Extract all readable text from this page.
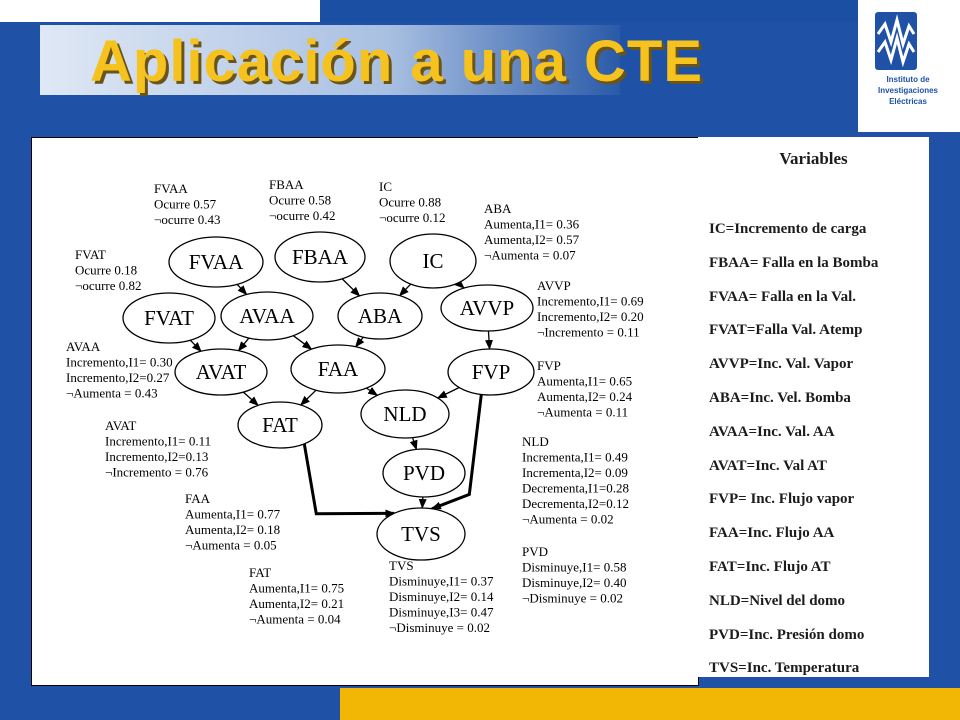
Aplicación a una CTE	Instituto de
Investigaciones
Eléctricas
FVAA FBAA	IC
FVAT AVAA	ABA	AVVP
AVAT	FAA	FVP
FAT	NLD
PVD
TVS
FVAA Ocurre 0.57 ¬ocurre 0.43
FBAA Ocurre 0.58 ¬ocurre 0.42
IC Ocurre 0.88 ¬ocurre 0.12
ABA Aumenta,I1= 0.36 Aumenta,I2= 0.57 ¬Aumenta = 0.07
FVAT Ocurre 0.18 ¬ocurre 0.82	AVVP Incremento,I1= 0.69 Incremento,I2= 0.20 ¬Incremento = 0.11
AVAA Incremento,I1= 0.30 Incremento,I2=0.27 ¬Aumenta = 0.43
FVP Aumenta,I1= 0.65 Aumenta,I2= 0.24 ¬Aumenta = 0.11
AVAT Incremento,I1= 0.11 Incremento,I2=0.13 ¬Incremento = 0.76
NLD Incrementa,I1= 0.49 Incrementa,I2= 0.09 Decrementa,I1=0.28 Decrementa,I2=0.12 ¬Aumenta = 0.02
FAA Aumenta,I1= 0.77 Aumenta,I2= 0.18 ¬Aumenta = 0.05
FAT Aumenta,I1= 0.75 Aumenta,I2= 0.21 ¬Aumenta = 0.04
TVS Disminuye,I1= 0.37 Disminuye,I2= 0.14 Disminuye,I3= 0.47 ¬Disminuye = 0.02
PVD Disminuye,I1= 0.58 Disminuye,I2= 0.40 ¬Disminuye = 0.02

Variables

IC=Incremento de carga

FBAA= Falla en la Bomba

FVAA= Falla en la Val.

FVAT=Falla Val. Atemp

AVVP=Inc. Val. Vapor

ABA=Inc. Vel. Bomba

AVAA=Inc. Val. AA

AVAT=Inc. Val AT

FVP= Inc. Flujo vapor

FAA=Inc. Flujo AA

FAT=Inc. Flujo AT

NLD=Nivel del domo

PVD=Inc. Presión domo

TVS=Inc. Temperatura
